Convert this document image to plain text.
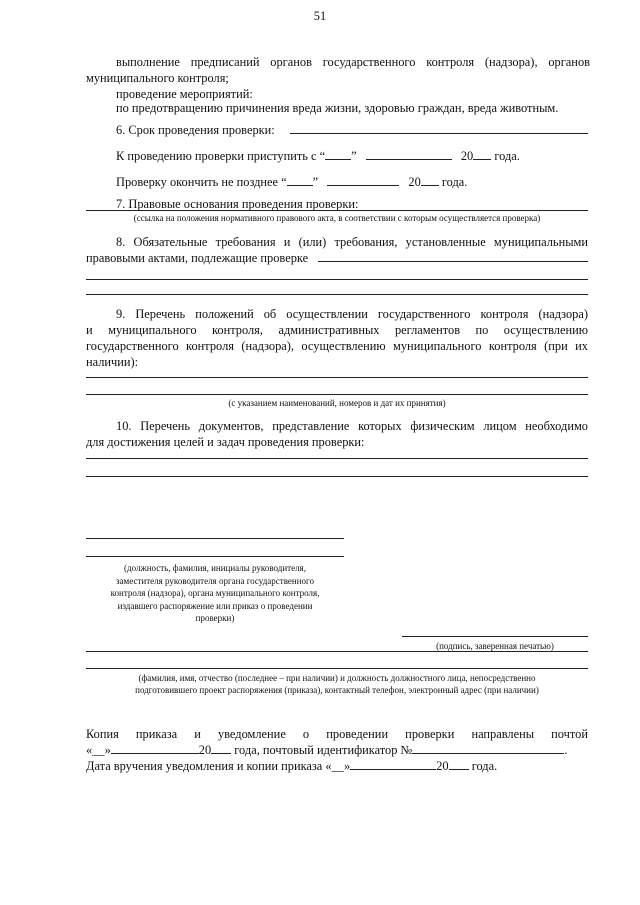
51
выполнение предписаний органов государственного контроля (надзора), органов
муниципального контроля;
проведение мероприятий:
по предотвращению причинения вреда жизни, здоровью граждан, вреда животным.
6. Срок проведения проверки:
К проведению проверки приступить с “ ”	20 года.
Проверку окончить не позднее “ ”	20 года.
7. Правовые основания проведения проверки:
(ссылка на положения нормативного правового акта, в соответствии с которым осуществляется проверка)
8. Обязательные требования и (или) требования, установленные муниципальными
правовыми актами, подлежащие проверке
9. Перечень положений об осуществлении государственного контроля (надзора)
и муниципального контроля, административных регламентов по осуществлению
государственного контроля (надзора), осуществлению муниципального контроля (при их
наличии):
(с указанием наименований, номеров и дат их принятия)
10. Перечень документов, представление которых физическим лицом необходимо
для достижения целей и задач проведения проверки:
(должность, фамилия, инициалы руководителя,
заместителя руководителя органа государственного
контроля (надзора), органа муниципального контроля,
издавшего распоряжение или приказ о проведении
проверки)
(подпись, заверенная печатью)
(фамилия, имя, отчество (последнее – при наличии) и должность должностного лица, непосредственно
подготовившего проект распоряжения (приказа), контактный телефон, электронный адрес (при наличии)
Копия приказа и уведомление о проведении проверки направлены почтой
«__»	20 года, почтовый идентификатор №	.
Дата вручения уведомления и копии приказа «__»	20 года.
